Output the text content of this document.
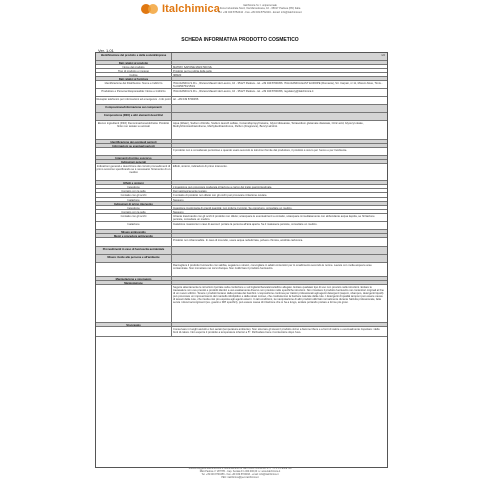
Italchimica	Italchimica S.r.l. unipersonale
Zona Industriale Nord, Via Marosticana, 10 - 35017 Padova (PD) Italia
Tel. +39 049 8752444 - Fax +39 049 8752434 - Email: info@italchimica.it
SCHEDA INFORMATIVA PRODOTTO COSMETICO
Ver. 1.01
Identificazione del prodotto e della società/impresa	1/2
Dati relativi al prodotto
Nome del prodotto	MATRIX SAPONE MANI 500 ML
Tipo di prodotto e impiego	Prodotto per la pulizia della pelle
Codice	I98020
Dati relativi al fornitore
Identificazione del Distributore: Nome e Indirizzo	ITALCHIMICA S.R.L., Riviera Maestri del Lavoro, 10 - 35127 Padova - tel. +39 049 8700456. ITALCHIMICA EAST EUROPE (Romania), Str. Carpati, nr 11, Moreni-Nove, Timis - Tel.0256753/153/1
Produttore e Persona Responsabile: Nome e Indirizzo	ITALCHIMICA S.R.L., Riviera Maestri del Lavoro, 10 - 35127 Padova - tel. +39 049 8700456, regulatory@italchimica.it
Recapito telefonico per informazioni ed emergenze - Info point tel. +39 049 8700456
Composizione/informazione sui componenti
Composizione (INCI) e altri elementi descrittivi
Elenco ingredienti (INCI) Denominazione/etichetta: Prodotto finito non testato su animali
Aqua (Water), Sodium chloride, Sodium laureth sulfate, Cocamidopropyl betaine, Glycol distearate, Tetrasodium glutamate diacetate, Citric acid, Glyceryl oleate, Methylchloroisothiazolinone, Methylisothiazolinone, Parfum (Fragrance), Benzyl alcohol.
Identificazione dei eventuali pericoli
Informazioni su eventuali pericoli
Il prodotto non è considerato pericoloso e quando usato secondo le istruzioni fornite dal produttore, il prodotto è sicuro per l'uomo e per l'ambiente.
Interventi di primo soccorso
Indicazioni generali
Indicazioni generali e descrizione dei corretti provvedimenti di primo soccorso specificando se è necessario l'intervento di un medico
Effetti, sintomi, indicazioni di primo intervento.
Effetti e sintomi
Ingestione	L'ingestione può provocare moderata irritazione a carico del tratto gastrointestinale.
Contatto con la pelle	Dermatologicamente testato.
Contatto con gli occhi	Il contatto di prodotto non diluito con gli occhi può provocare irritazione oculare.
Inalazione	Nessuno
Indicazioni di primo intervento
Ingestione	Ingestione involontaria di grandi quantità: non indurre il vomito. Se opportuno, consultare un medico.
Contatto con la pelle	Nessuno
Contatto con gli occhi	Irritante trascinando con gli occhi il prodotto non diluito; sciacquare le eventuali lenti a contatto, sciacquare immediatamente con abbondante acqua tiepida, se l'irritazione persiste, consultare un medico.
Inalazione	Inalazione massiccia in caso di aerosol: portare la persona all'aria aperta. Se il malessere persiste, consultare un medico.
Misure antincendio
Mezzi e procedure antincendio
Prodotto non infiammabile. In caso di incendio, usare acqua nebulizzata, polvere chimica, anidride carbonica.
Provvedimenti in caso di fuoriuscita accidentale
Misure rivolte alle persone e all'ambiente
Raccogliere il prodotto fuoriuscito con sabbia, segatura o stracci, convogliare in adatti contenitori per lo smaltimento secondo le norme. Lavare con molta acqua le aree contaminate. Non immettere nei corsi d'acqua. Non riutilizzare il prodotto fuoriuscito.
Manipolazione e stoccaggio
Manipolazione
Seguire attentamente le istruzioni riportate sulla confezione e sul foglietto/bancale/cartellino allegato. Evitare qualsiasi tipo di uso non previsto nelle istruzioni. Evitare le travasature non ove previsti e prodotti identici a uso esattamente diverso non previsto nelle specifiche istruzioni. Non rimettere il prodotto fuoriuscito nei contenitori originali al fine di un nuovo utilizzo. Tenere i prodotti lontano dalla portata dei bambini. L'esposizione continua per trattori professionali agli agenti detergenti (saponi, shampoo, detergenti liquidi) può provocare un impoverimento del mantello idrolipidico e della strato corneo, che costituiscono la barriera naturale della cute. I detergenti di qualità tamponi può essere causa di tessuti della cute, che risulta così più esposta agli agenti esterni. In tali condizioni, la manipolazione di altri prodotti utilizzati normalmente durante l'attività professionale, fatte senza i dovuti accorgimenti (es. guanti e DPI specifici), può essere causa di irritazione che si ha a lungo, andare portando portare a forme più gravi.
Stoccaggio
Conservare in luoghi asciutti e ben aerati (temperatura ambiente). Non stoccare gli stessi il prodotto vicino a fiamme libere e a fonti di calore o eventualmente rispettare i delle fonti di calore. Non esporre il prodotto a temperature inferiori a 5°. Richiudere bene il contenitore dopo l'uso.
Società soggetta alla direzione e coordinamento di ISE ITALIA HOLDING S.r.l. - C.F. e Partita IVA
REA Padova n° 287785 - Cap. Sociale € 1.000.000,00 i.v. www.italchimica.it
Tel. +39 049 8700456 - Fax +39 049 8700493 - email: info@italchimica.it
PEC: italchimica@pec.italchimica.it
